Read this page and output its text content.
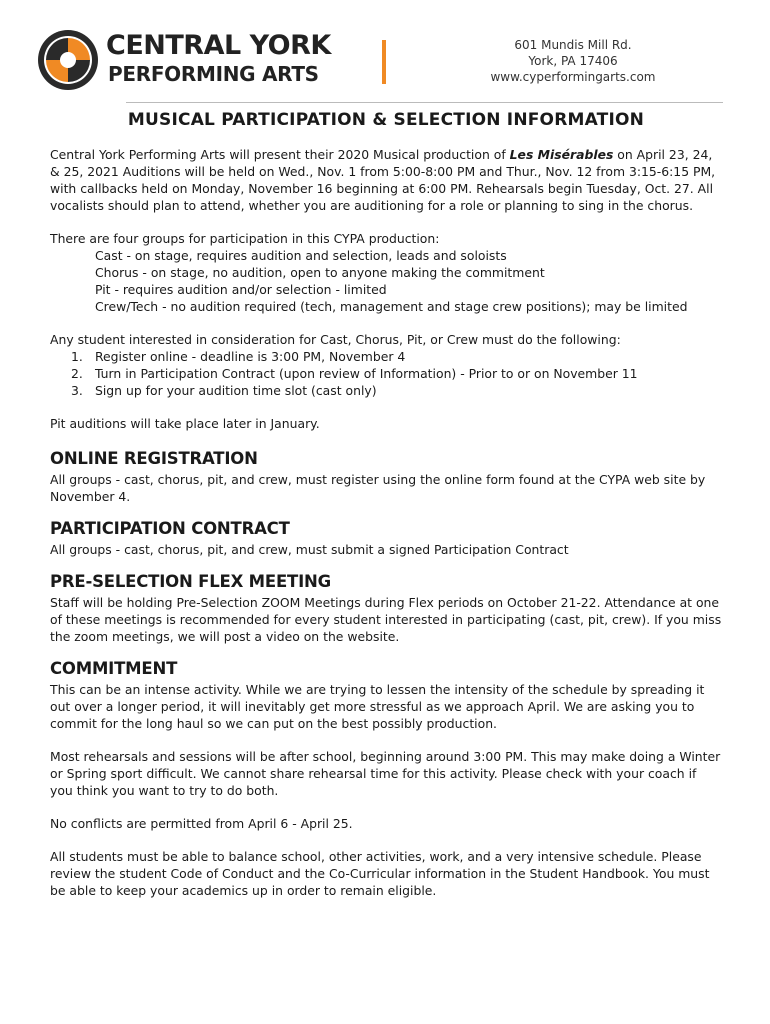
CENTRAL YORK
PERFORMING ARTS
601 Mundis Mill Rd.
York, PA 17406
www.cyperformingarts.com
MUSICAL PARTICIPATION & SELECTION INFORMATION

Central York Performing Arts will present their 2020 Musical production of Les Misérables on April 23, 24, & 25, 2021 Auditions will be held on Wed., Nov. 1 from 5:00-8:00 PM and Thur., Nov. 12 from 3:15-6:15 PM, with callbacks held on Monday, November 16 beginning at 6:00 PM. Rehearsals begin Tuesday, Oct. 27. All vocalists should plan to attend, whether you are auditioning for a role or planning to sing in the chorus.

There are four groups for participation in this CYPA production:

Cast - on stage, requires audition and selection, leads and soloists
Chorus - on stage, no audition, open to anyone making the commitment
Pit - requires audition and/or selection - limited
Crew/Tech - no audition required (tech, management and stage crew positions); may be limited

Any student interested in consideration for Cast, Chorus, Pit, or Crew must do the following:
1. Register online - deadline is 3:00 PM, November 4
2. Turn in Participation Contract (upon review of Information) - Prior to or on November 11
3. Sign up for your audition time slot (cast only)

Pit auditions will take place later in January.

ONLINE REGISTRATION

All groups - cast, chorus, pit, and crew, must register using the online form found at the CYPA web site by November 4.

PARTICIPATION CONTRACT

All groups - cast, chorus, pit, and crew, must submit a signed Participation Contract

PRE-SELECTION FLEX MEETING

Staff will be holding Pre-Selection ZOOM Meetings during Flex periods on October 21-22. Attendance at one of these meetings is recommended for every student interested in participating (cast, pit, crew). If you miss the zoom meetings, we will post a video on the website.

COMMITMENT

This can be an intense activity. While we are trying to lessen the intensity of the schedule by spreading it out over a longer period, it will inevitably get more stressful as we approach April. We are asking you to commit for the long haul so we can put on the best possibly production.

Most rehearsals and sessions will be after school, beginning around 3:00 PM. This may make doing a Winter or Spring sport difficult. We cannot share rehearsal time for this activity. Please check with your coach if you think you want to try to do both.

No conflicts are permitted from April 6 - April 25.

All students must be able to balance school, other activities, work, and a very intensive schedule. Please review the student Code of Conduct and the Co-Curricular information in the Student Handbook. You must be able to keep your academics up in order to remain eligible.
